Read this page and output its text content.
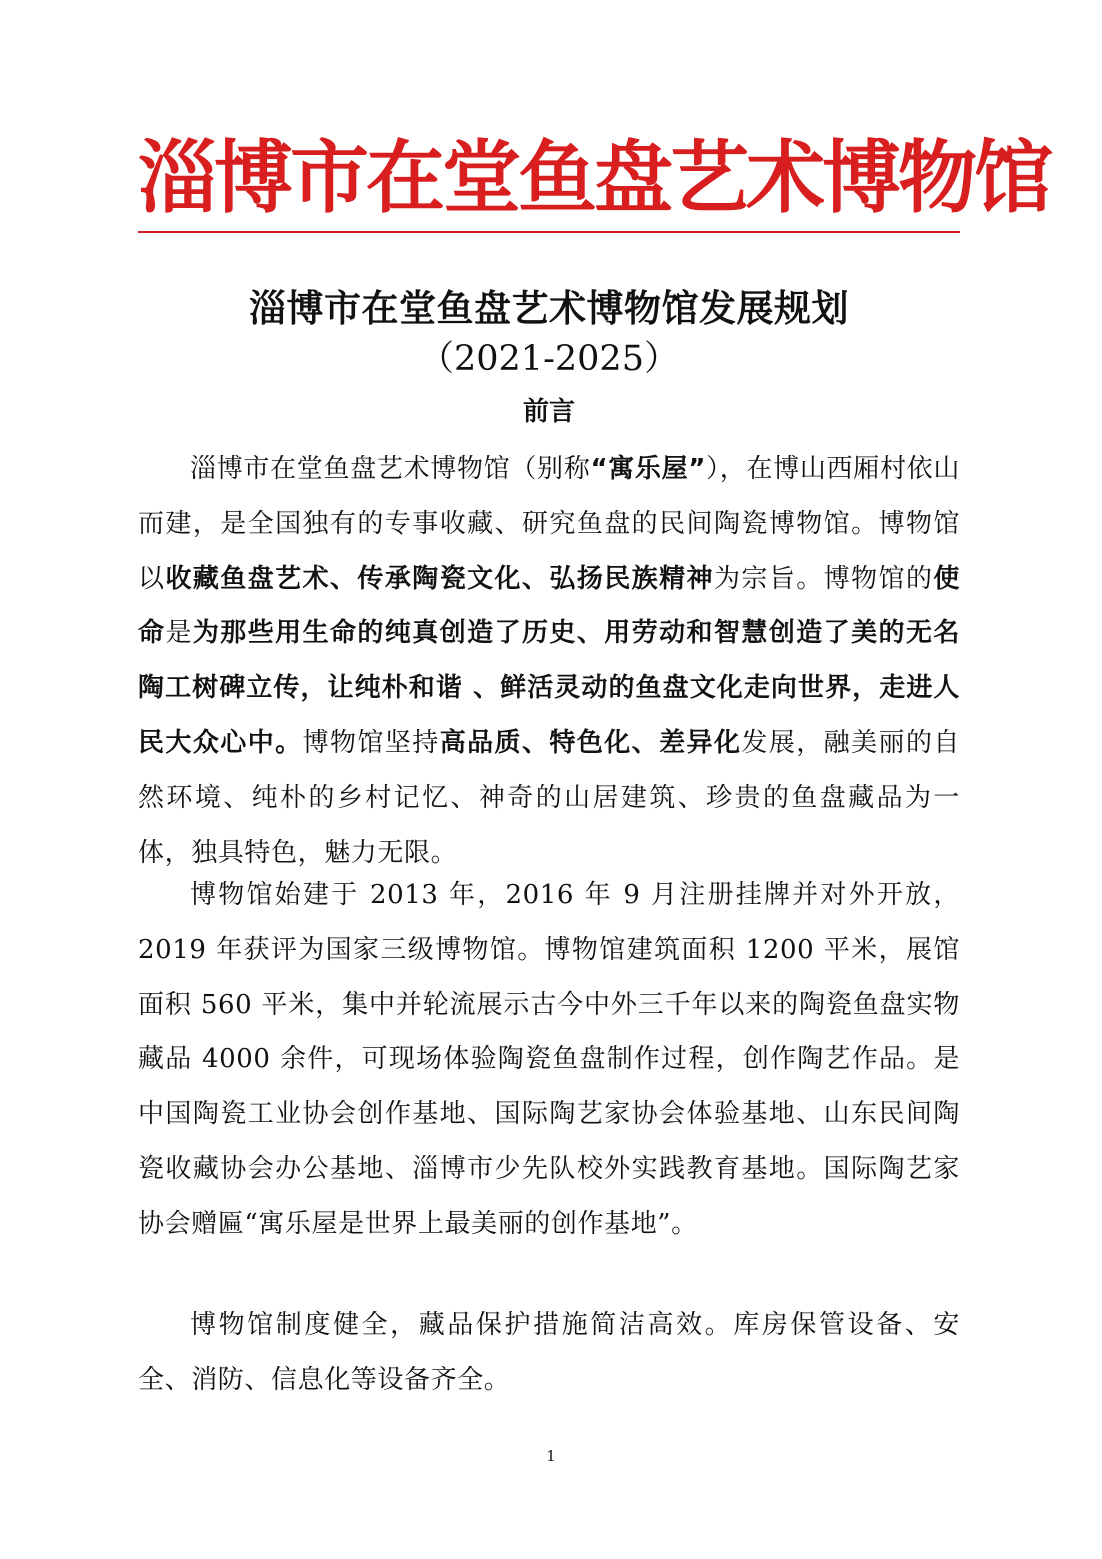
淄博市在堂鱼盘艺术博物馆
淄博市在堂鱼盘艺术博物馆发展规划
（2021-2025）
前言

淄博市在堂鱼盘艺术博物馆（别称“寓乐屋”），在博山西厢村依山而建，是全国独有的专事收藏、研究鱼盘的民间陶瓷博物馆。博物馆以收藏鱼盘艺术、传承陶瓷文化、弘扬民族精神为宗旨。博物馆的使命是为那些用生命的纯真创造了历史、用劳动和智慧创造了美的无名陶工树碑立传，让纯朴和谐 、鲜活灵动的鱼盘文化走向世界，走进人民大众心中。博物馆坚持高品质、特色化、差异化发展，融美丽的自然环境、纯朴的乡村记忆、神奇的山居建筑、珍贵的鱼盘藏品为一体，独具特色，魅力无限。

博物馆始建于 2013 年，2016 年 9 月注册挂牌并对外开放，2019 年获评为国家三级博物馆。博物馆建筑面积 1200 平米，展馆面积 560 平米，集中并轮流展示古今中外三千年以来的陶瓷鱼盘实物藏品 4000 余件，可现场体验陶瓷鱼盘制作过程，创作陶艺作品。是中国陶瓷工业协会创作基地、国际陶艺家协会体验基地、山东民间陶瓷收藏协会办公基地、淄博市少先队校外实践教育基地。国际陶艺家协会赠匾“寓乐屋是世界上最美丽的创作基地”。

博物馆制度健全，藏品保护措施简洁高效。库房保管设备、安全、消防、信息化等设备齐全。

1
